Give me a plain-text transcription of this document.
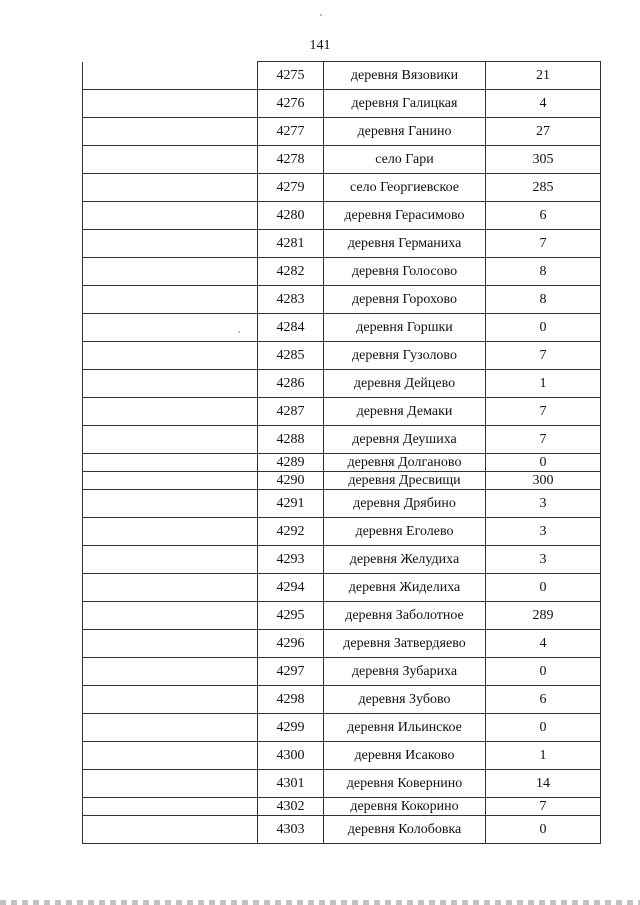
141
	4275	деревня Вязовики	21
	4276	деревня Галицкая	4
	4277	деревня Ганино	27
	4278	село Гари	305
	4279	село Георгиевское	285
	4280	деревня Герасимово	6
	4281	деревня Германиха	7
	4282	деревня Голосово	8
	4283	деревня Горохово	8
	4284	деревня Горшки	0
	4285	деревня Гузолово	7
	4286	деревня Дейцево	1
	4287	деревня Демаки	7
	4288	деревня Деушиха	7
	4289	деревня Долганово	0
	4290	деревня Дресвищи	300
	4291	деревня Дрябино	3
	4292	деревня Еголево	3
	4293	деревня Желудиха	3
	4294	деревня Жиделиха	0
	4295	деревня Заболотное	289
	4296	деревня Затвердяево	4
	4297	деревня Зубариха	0
	4298	деревня Зубово	6
	4299	деревня Ильинское	0
	4300	деревня Исаково	1
	4301	деревня Ковернино	14
	4302	деревня Кокорино	7
	4303	деревня Колобовка	0
